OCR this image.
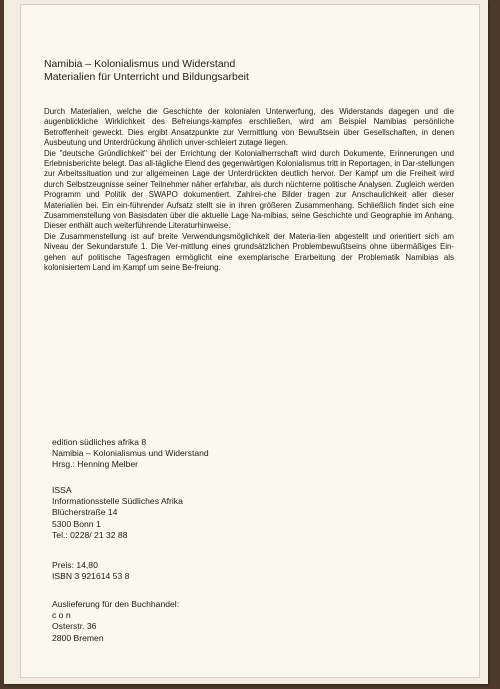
Namibia – Kolonialismus und Widerstand
Materialien für Unterricht und Bildungsarbeit

Durch Materialien, welche die Geschichte der kolonialen Unterwerfung, des Widerstands dagegen und die augenblickliche Wirklichkeit des Befreiungs-kampfes erschließen, wird am Beispiel Namibias persönliche Betroffenheit geweckt. Dies ergibt Ansatzpunkte zur Vermittlung von Bewußtsein über Gesellschaften, in denen Ausbeutung und Unterdrückung ähnlich unver-schleiert zutage liegen.

Die "deutsche Gründlichkeit" bei der Errichtung der Kolonialherrschaft wird durch Dokumente, Erinnerungen und Erlebnisberichte belegt. Das all-tägliche Elend des gegenwärtigen Kolonialismus tritt in Reportagen, in Dar-stellungen zur Arbeitssituation und zur allgemeinen Lage der Unterdrückten deutlich hervor. Der Kampf um die Freiheit wird durch Selbstzeugnisse seiner Teilnehmer näher erfahrbar, als durch nüchterne politische Analysen. Zugleich werden Programm und Politik der SWAPO dokumentiert. Zahlrei-che Bilder tragen zur Anschaulichkeit aller dieser Materialien bei. Ein ein-führender Aufsatz stellt sie in ihren größeren Zusammenhang. Schließlich findet sich eine Zusammenstellung von Basisdaten über die aktuelle Lage Na-mibias, seine Geschichte und Geographie im Anhang. Dieser enthält auch weiterführende Literaturhinweise.

Die Zusammenstellung ist auf breite Verwendungsmöglichkeit der Materia-lien abgestellt und orientiert sich am Niveau der Sekundarstufe 1. Die Ver-mittlung eines grundsätzlichen Problembewußtseins ohne übermäßiges Ein-gehen auf politische Tagesfragen ermöglicht eine exemplarische Erarbeitung der Problematik Namibias als kolonisiertem Land im Kampf um seine Be-freiung.

edition südliches afrika 8
Namibia – Kolonialismus und Widerstand
Hrsg.: Henning Melber
ISSA
Informationsstelle Südliches Afrika
Blücherstraße 14
5300 Bonn 1
Tel.: 0228/ 21 32 88
Preis: 14,80
ISBN 3 921614 53 8
Auslieferung für den Buchhandel:
c o n
Osterstr. 36
2800 Bremen
